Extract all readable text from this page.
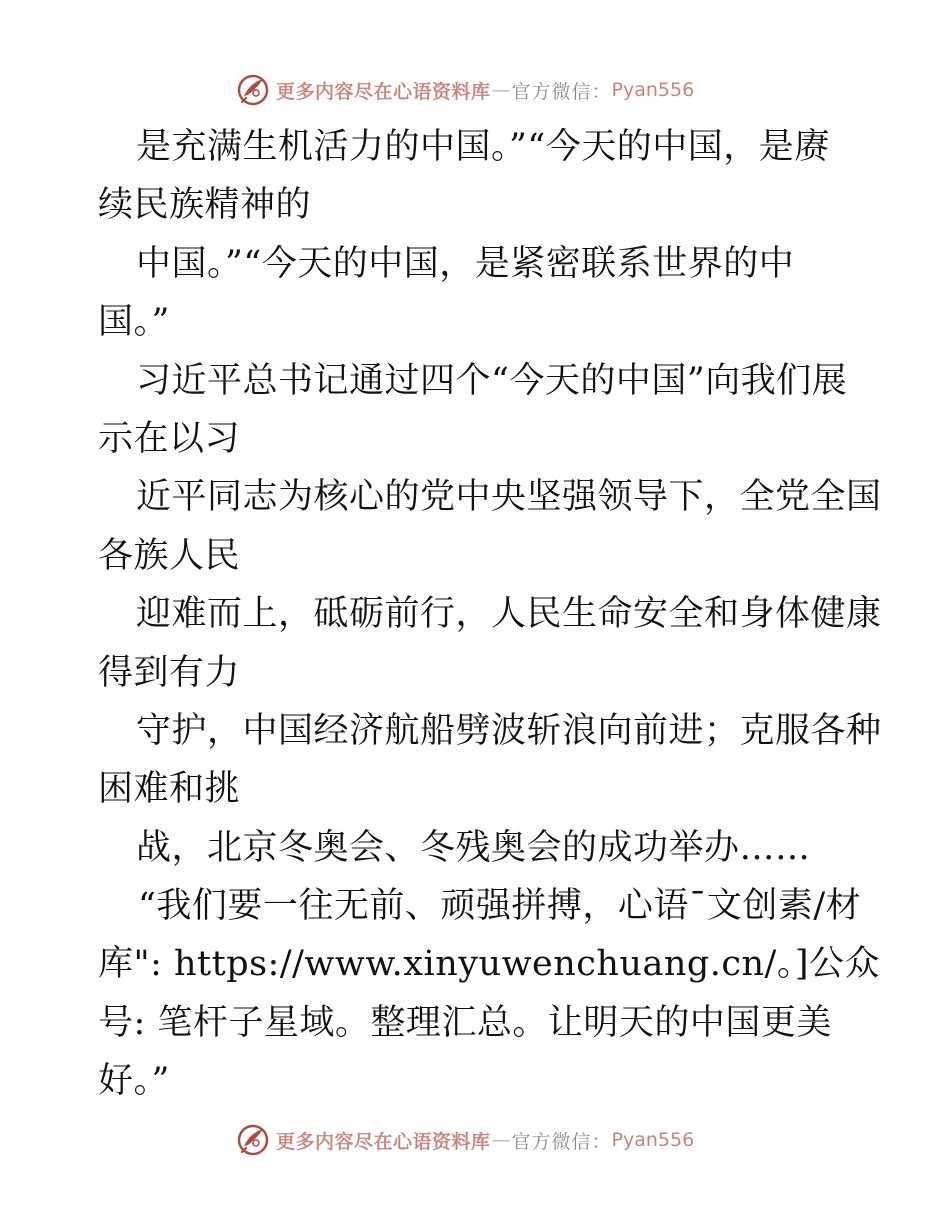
更多内容尽在心语资料库 — 官方微信： Pyan556
是充满生机活力的中国。”“今天的中国，是赓
续民族精神的
中国。”“今天的中国，是紧密联系世界的中
国。”
习近平总书记通过四个“今天的中国”向我们展
示在以习
近平同志为核心的党中央坚强领导下，全党全国
各族人民
迎难而上，砥砺前行，人民生命安全和身体健康
得到有力
守护，中国经济航船劈波斩浪向前进；克服各种
困难和挑
战，北京冬奥会、冬残奥会的成功举办……
“我们要一往无前、顽强拼搏，心语¯文创素/材
库": https://www.xinyuwenchuang.cn/。]公众
号: 笔杆子星域。整理汇总。让明天的中国更美
好。”
更多内容尽在心语资料库 — 官方微信： Pyan556
